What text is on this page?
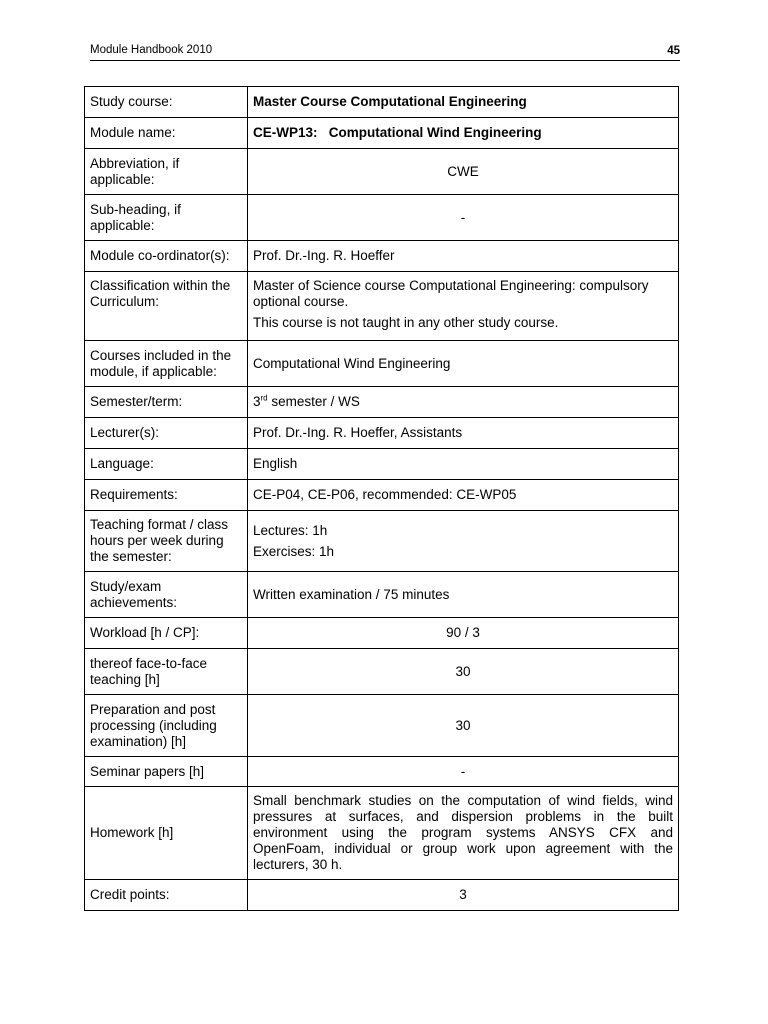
Module Handbook 2010	45
Study course:	Master Course Computational Engineering
Module name:	CE-WP13: Computational Wind Engineering
Abbreviation, if applicable:	CWE
Sub-heading, if applicable:	-
Module co-ordinator(s):	Prof. Dr.-Ing. R. Hoeffer
Classification within the Curriculum:	Master of Science course Computational Engineering: compulsory optional course.

This course is not taught in any other study course.

Courses included in the module, if applicable:	Computational Wind Engineering
Semester/term:	3rd semester / WS
Lecturer(s):	Prof. Dr.-Ing. R. Hoeffer, Assistants
Language:	English
Requirements:	CE-P04, CE-P06, recommended: CE-WP05
Teaching format / class hours per week during the semester:	Lectures: 1h

Exercises: 1h

Study/exam achievements:	Written examination / 75 minutes
Workload [h / CP]:	90 / 3
thereof face-to-face teaching [h]	30
Preparation and post processing (including examination) [h]	30
Seminar papers [h]	-
Homework [h]	Small benchmark studies on the computation of wind fields, wind pressures at surfaces, and dispersion problems in the built environment using the program systems ANSYS CFX and OpenFoam, individual or group work upon agreement with the lecturers, 30 h.
Credit points:	3
